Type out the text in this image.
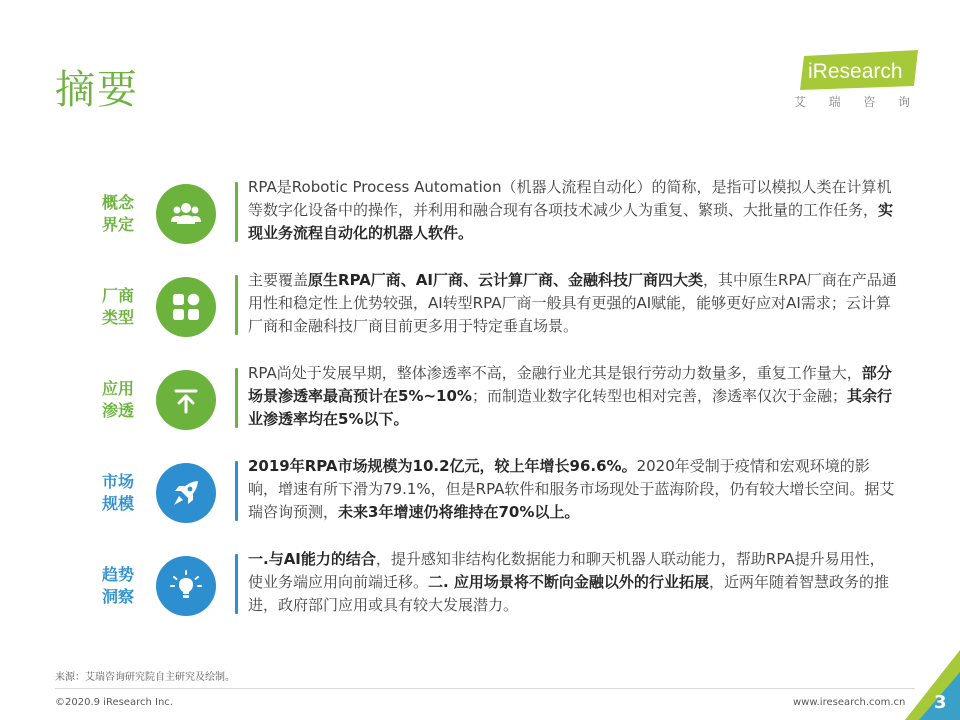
摘要	iResearch
艾 瑞 咨 询
概念
界定
RPA是Robotic Process Automation（机器人流程自动化）的简称，是指可以模拟人类在计算机等数字化设备中的操作，并利用和融合现有各项技术减少人为重复、繁琐、大批量的工作任务，实现业务流程自动化的机器人软件。
厂商
类型
主要覆盖原生RPA厂商、AI厂商、云计算厂商、金融科技厂商四大类，其中原生RPA厂商在产品通用性和稳定性上优势较强，AI转型RPA厂商一般具有更强的AI赋能，能够更好应对AI需求；云计算厂商和金融科技厂商目前更多用于特定垂直场景。
应用
渗透
RPA尚处于发展早期，整体渗透率不高，金融行业尤其是银行劳动力数量多，重复工作量大，部分场景渗透率最高预计在5%~10%；而制造业数字化转型也相对完善，渗透率仅次于金融；其余行业渗透率均在5%以下。
市场
规模
2019年RPA市场规模为10.2亿元，较上年增长96.6%。2020年受制于疫情和宏观环境的影响，增速有所下滑为79.1%，但是RPA软件和服务市场现处于蓝海阶段，仍有较大增长空间。据艾瑞咨询预测，未来3年增速仍将维持在70%以上。
趋势
洞察
一.与AI能力的结合，提升感知非结构化数据能力和聊天机器人联动能力，帮助RPA提升易用性，使业务端应用向前端迁移。二. 应用场景将不断向金融以外的行业拓展，近两年随着智慧政务的推进，政府部门应用或具有较大发展潜力。
来源：艾瑞咨询研究院自主研究及绘制。
©2020.9 iResearch Inc.	www.iresearch.com.cn 3
